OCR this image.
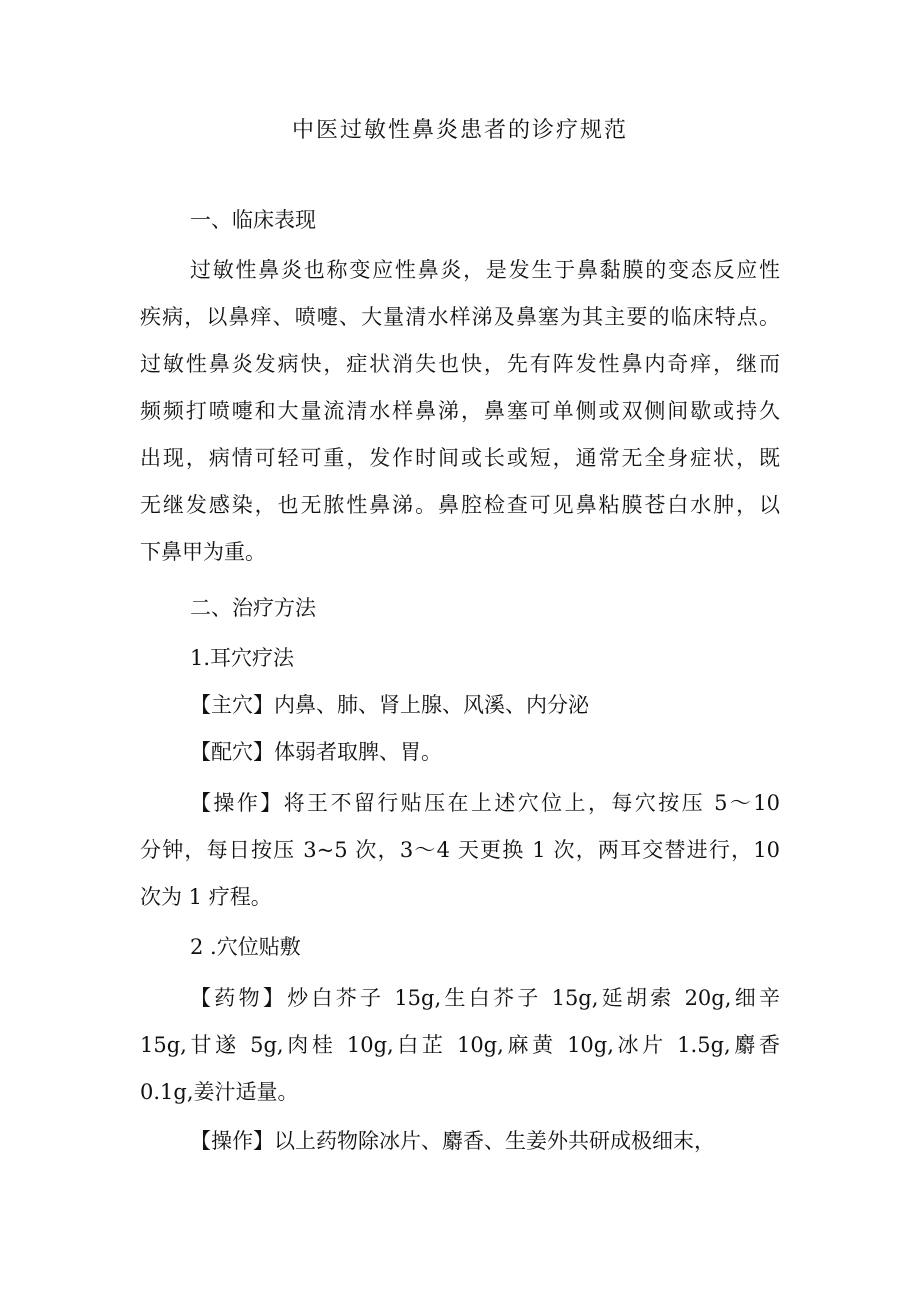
中医过敏性鼻炎患者的诊疗规范

一、临床表现

过敏性鼻炎也称变应性鼻炎，是发生于鼻黏膜的变态反应性
疾病，以鼻痒、喷嚏、大量清水样涕及鼻塞为其主要的临床特点。
过敏性鼻炎发病快，症状消失也快，先有阵发性鼻内奇痒，继而
频频打喷嚏和大量流清水样鼻涕，鼻塞可单侧或双侧间歇或持久
出现，病情可轻可重，发作时间或长或短，通常无全身症状，既
无继发感染，也无脓性鼻涕。鼻腔检查可见鼻粘膜苍白水肿，以
下鼻甲为重。

二、治疗方法

1.耳穴疗法

【主穴】内鼻、肺、肾上腺、风溪、内分泌

【配穴】体弱者取脾、胃。

【操作】将王不留行贴压在上述穴位上，每穴按压 5～10
分钟，每日按压 3~5 次，3～4 天更换 1 次，两耳交替进行，10
次为 1 疗程。

2 .穴位贴敷

【药物】炒白芥子 15g,生白芥子 15g,延胡索 20g,细辛
15g,甘遂 5g,肉桂 10g,白芷 10g,麻黄 10g,冰片 1.5g,麝香
0.1g,姜汁适量。

【操作】以上药物除冰片、麝香、生姜外共研成极细末，
